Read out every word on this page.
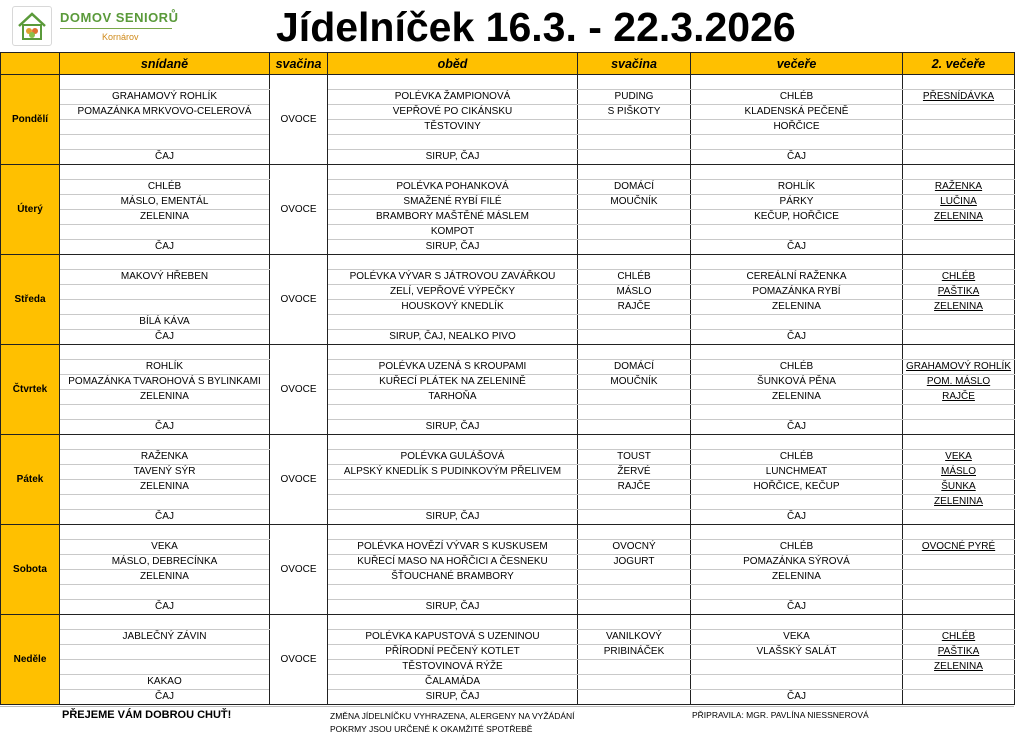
DOMOV SENIORŮ
Kornárov	Jídelníček 16.3. - 22.3.2026
	snídaně	svačina	oběd	svačina	večeře	2. večeře
Pondělí		OVOCE				
	GRAHAMOVÝ ROHLÍK		POLÉVKA ŽAMPIONOVÁ	PUDING	CHLÉB	PŘESNÍDÁVKA
	POMAZÁNKA MRKVOVO-CELEROVÁ		VEPŘOVÉ PO CIKÁNSKU	S PIŠKOTY	KLADENSKÁ PEČENĚ	
			TĚSTOVINY		HOŘČICE	

	ČAJ		SIRUP, ČAJ		ČAJ	
Úterý		OVOCE				
	CHLÉB		POLÉVKA POHANKOVÁ	DOMÁCÍ	ROHLÍK	RAŽENKA
	MÁSLO, EMENTÁL		SMAŽENÉ RYBÍ FILÉ	MOUČNÍK	PÁRKY	LUČINA
	ZELENINA		BRAMBORY MAŠTĚNÉ MÁSLEM		KEČUP, HOŘČICE	ZELENINA
			KOMPOT			
	ČAJ		SIRUP, ČAJ		ČAJ	
Středa		OVOCE				
	MAKOVÝ HŘEBEN		POLÉVKA VÝVAR S JÁTROVOU ZAVÁŘKOU	CHLÉB	CEREÁLNÍ RAŽENKA	CHLÉB
			ZELÍ, VEPŘOVÉ VÝPEČKY	MÁSLO	POMAZÁNKA RYBÍ	PAŠTIKA
			HOUSKOVÝ KNEDLÍK	RAJČE	ZELENINA	ZELENINA
	BÍLÁ KÁVA					
	ČAJ		SIRUP, ČAJ, NEALKO PIVO		ČAJ	
Čtvrtek		OVOCE				
	ROHLÍK		POLÉVKA UZENÁ S KROUPAMI	DOMÁCÍ	CHLÉB	GRAHAMOVÝ ROHLÍK
	POMAZÁNKA TVAROHOVÁ S BYLINKAMI		KUŘECÍ PLÁTEK NA ZELENINĚ	MOUČNÍK	ŠUNKOVÁ PĚNA	POM. MÁSLO
	ZELENINA		TARHOŇA		ZELENINA	RAJČE

	ČAJ		SIRUP, ČAJ		ČAJ	
Pátek		OVOCE				
	RAŽENKA		POLÉVKA GULÁŠOVÁ	TOUST	CHLÉB	VEKA
	TAVENÝ SÝR		ALPSKÝ KNEDLÍK S PUDINKOVÝM PŘELIVEM	ŽERVÉ	LUNCHMEAT	MÁSLO
	ZELENINA			RAJČE	HOŘČICE, KEČUP	ŠUNKA
						ZELENINA
	ČAJ		SIRUP, ČAJ		ČAJ	
Sobota		OVOCE				
	VEKA		POLÉVKA HOVĚZÍ VÝVAR S KUSKUSEM	OVOCNÝ	CHLÉB	OVOCNÉ PYRÉ
	MÁSLO, DEBRECÍNKA		KUŘECÍ MASO NA HOŘČICI A ČESNEKU	JOGURT	POMAZÁNKA SÝROVÁ	
	ZELENINA		ŠŤOUCHANÉ BRAMBORY		ZELENINA	

	ČAJ		SIRUP, ČAJ		ČAJ	
Neděle		OVOCE				
	JABLEČNÝ ZÁVIN		POLÉVKA KAPUSTOVÁ S UZENINOU	VANILKOVÝ	VEKA	CHLÉB
			PŘÍRODNÍ PEČENÝ KOTLET	PRIBINÁČEK	VLAŠSKÝ SALÁT	PAŠTIKA
			TĚSTOVINOVÁ RÝŽE			ZELENINA
	KAKAO		ČALAMÁDA			
	ČAJ		SIRUP, ČAJ		ČAJ	
PŘEJEME VÁM DOBROU CHUŤ!	ZMĚNA JÍDELNÍČKU VYHRAZENA, ALERGENY NA VYŽÁDÁNÍ
POKRMY JSOU URČENÉ K OKAMŽITÉ SPOTŘEBĚ
PŘIPRAVILA: MGR. PAVLÍNA NIESSNEROVÁ
